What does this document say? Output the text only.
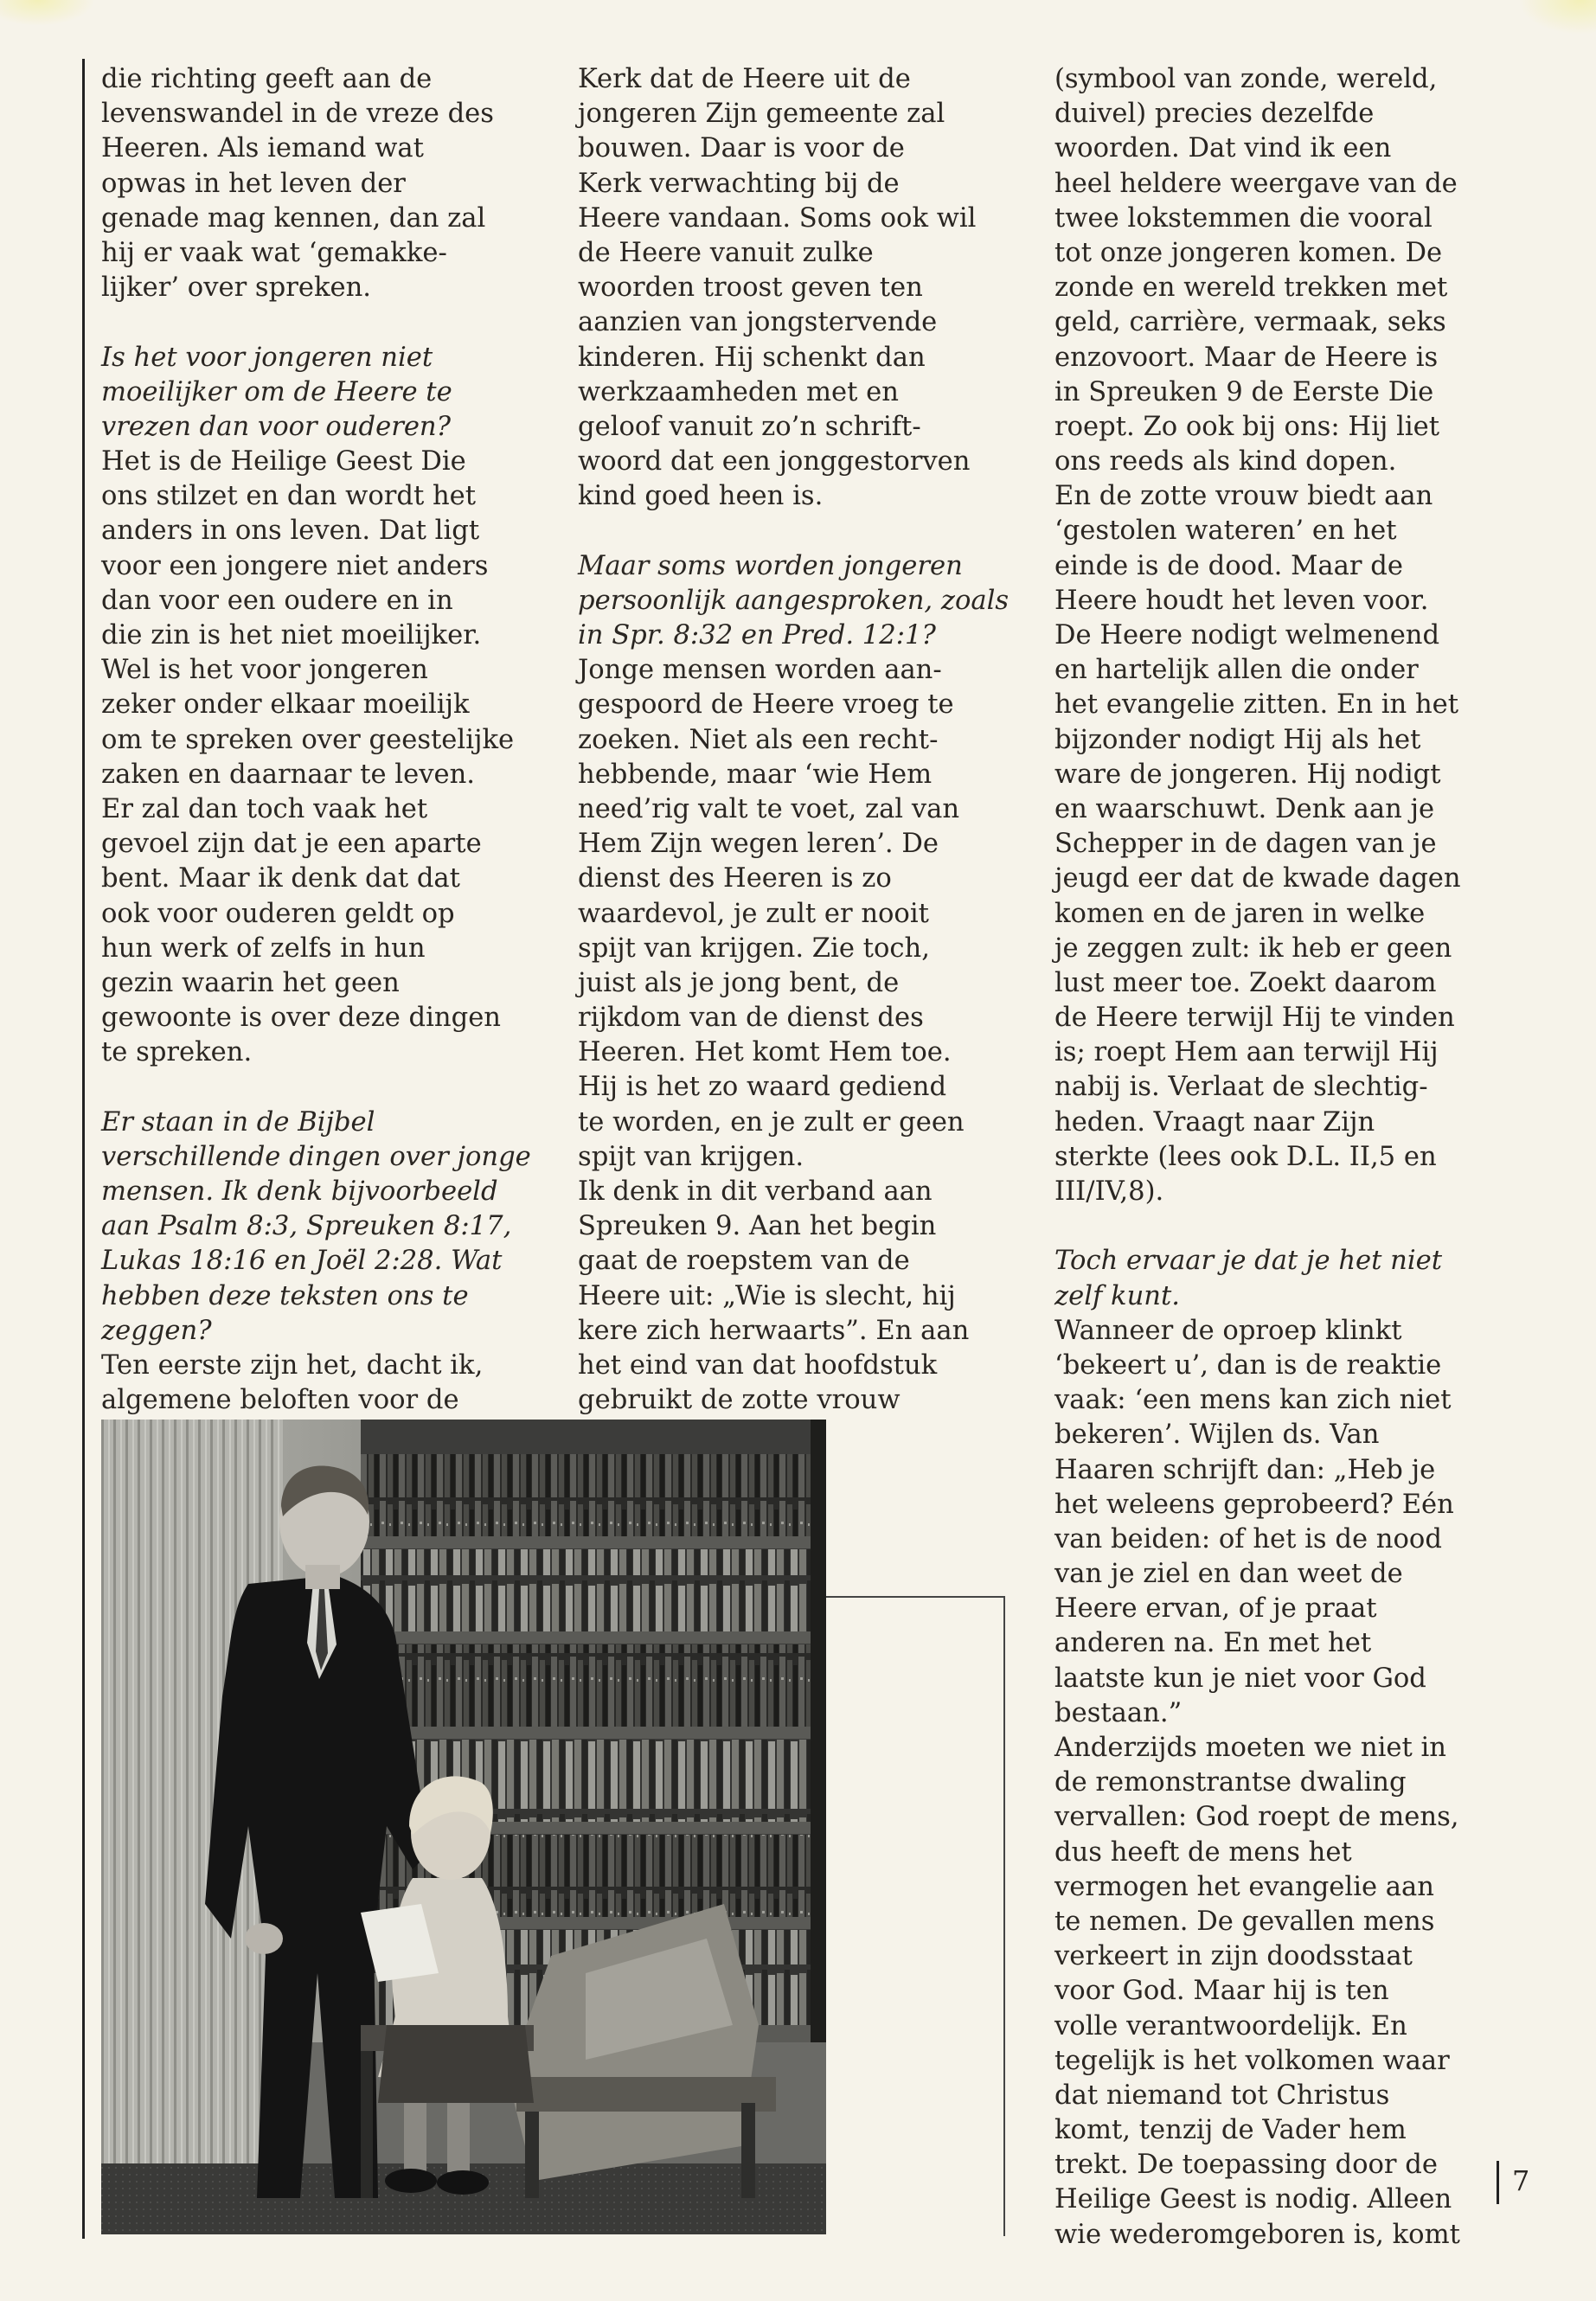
die richting geeft aan de
levenswandel in de vreze des
Heeren. Als iemand wat
opwas in het leven der
genade mag kennen, dan zal
hij er vaak wat ‘gemakke-
lijker’ over spreken.
Is het voor jongeren niet
moeilijker om de Heere te
vrezen dan voor ouderen?
Het is de Heilige Geest Die
ons stilzet en dan wordt het
anders in ons leven. Dat ligt
voor een jongere niet anders
dan voor een oudere en in
die zin is het niet moeilijker.
Wel is het voor jongeren
zeker onder elkaar moeilijk
om te spreken over geestelijke
zaken en daarnaar te leven.
Er zal dan toch vaak het
gevoel zijn dat je een aparte
bent. Maar ik denk dat dat
ook voor ouderen geldt op
hun werk of zelfs in hun
gezin waarin het geen
gewoonte is over deze dingen
te spreken.
Er staan in de Bijbel
verschillende dingen over jonge
mensen. Ik denk bijvoorbeeld
aan Psalm 8:3, Spreuken 8:17,
Lukas 18:16 en Joël 2:28. Wat
hebben deze teksten ons te
zeggen?
Ten eerste zijn het, dacht ik,
algemene beloften voor de
Kerk dat de Heere uit de
jongeren Zijn gemeente zal
bouwen. Daar is voor de
Kerk verwachting bij de
Heere vandaan. Soms ook wil
de Heere vanuit zulke
woorden troost geven ten
aanzien van jongstervende
kinderen. Hij schenkt dan
werkzaamheden met en
geloof vanuit zo’n schrift-
woord dat een jonggestorven
kind goed heen is.
Maar soms worden jongeren
persoonlijk aangesproken, zoals
in Spr. 8:32 en Pred. 12:1?
Jonge mensen worden aan-
gespoord de Heere vroeg te
zoeken. Niet als een recht-
hebbende, maar ‘wie Hem
need’rig valt te voet, zal van
Hem Zijn wegen leren’. De
dienst des Heeren is zo
waardevol, je zult er nooit
spijt van krijgen. Zie toch,
juist als je jong bent, de
rijkdom van de dienst des
Heeren. Het komt Hem toe.
Hij is het zo waard gediend
te worden, en je zult er geen
spijt van krijgen.
Ik denk in dit verband aan
Spreuken 9. Aan het begin
gaat de roepstem van de
Heere uit: „Wie is slecht, hij
kere zich herwaarts”. En aan
het eind van dat hoofdstuk
gebruikt de zotte vrouw
(symbool van zonde, wereld,
duivel) precies dezelfde
woorden. Dat vind ik een
heel heldere weergave van de
twee lokstemmen die vooral
tot onze jongeren komen. De
zonde en wereld trekken met
geld, carrière, vermaak, seks
enzovoort. Maar de Heere is
in Spreuken 9 de Eerste Die
roept. Zo ook bij ons: Hij liet
ons reeds als kind dopen.
En de zotte vrouw biedt aan
‘gestolen wateren’ en het
einde is de dood. Maar de
Heere houdt het leven voor.
De Heere nodigt welmenend
en hartelijk allen die onder
het evangelie zitten. En in het
bijzonder nodigt Hij als het
ware de jongeren. Hij nodigt
en waarschuwt. Denk aan je
Schepper in de dagen van je
jeugd eer dat de kwade dagen
komen en de jaren in welke
je zeggen zult: ik heb er geen
lust meer toe. Zoekt daarom
de Heere terwijl Hij te vinden
is; roept Hem aan terwijl Hij
nabij is. Verlaat de slechtig-
heden. Vraagt naar Zijn
sterkte (lees ook D.L. II,5 en
III/IV,8).
Toch ervaar je dat je het niet
zelf kunt.
Wanneer de oproep klinkt
‘bekeert u’, dan is de reaktie
vaak: ‘een mens kan zich niet
bekeren’. Wijlen ds. Van
Haaren schrijft dan: „Heb je
het weleens geprobeerd? Eén
van beiden: of het is de nood
van je ziel en dan weet de
Heere ervan, of je praat
anderen na. En met het
laatste kun je niet voor God
bestaan.”
Anderzijds moeten we niet in
de remonstrantse dwaling
vervallen: God roept de mens,
dus heeft de mens het
vermogen het evangelie aan
te nemen. De gevallen mens
verkeert in zijn doodsstaat
voor God. Maar hij is ten
volle verantwoordelijk. En
tegelijk is het volkomen waar
dat niemand tot Christus
komt, tenzij de Vader hem
trekt. De toepassing door de
Heilige Geest is nodig. Alleen
wie wederomgeboren is, komt
7
